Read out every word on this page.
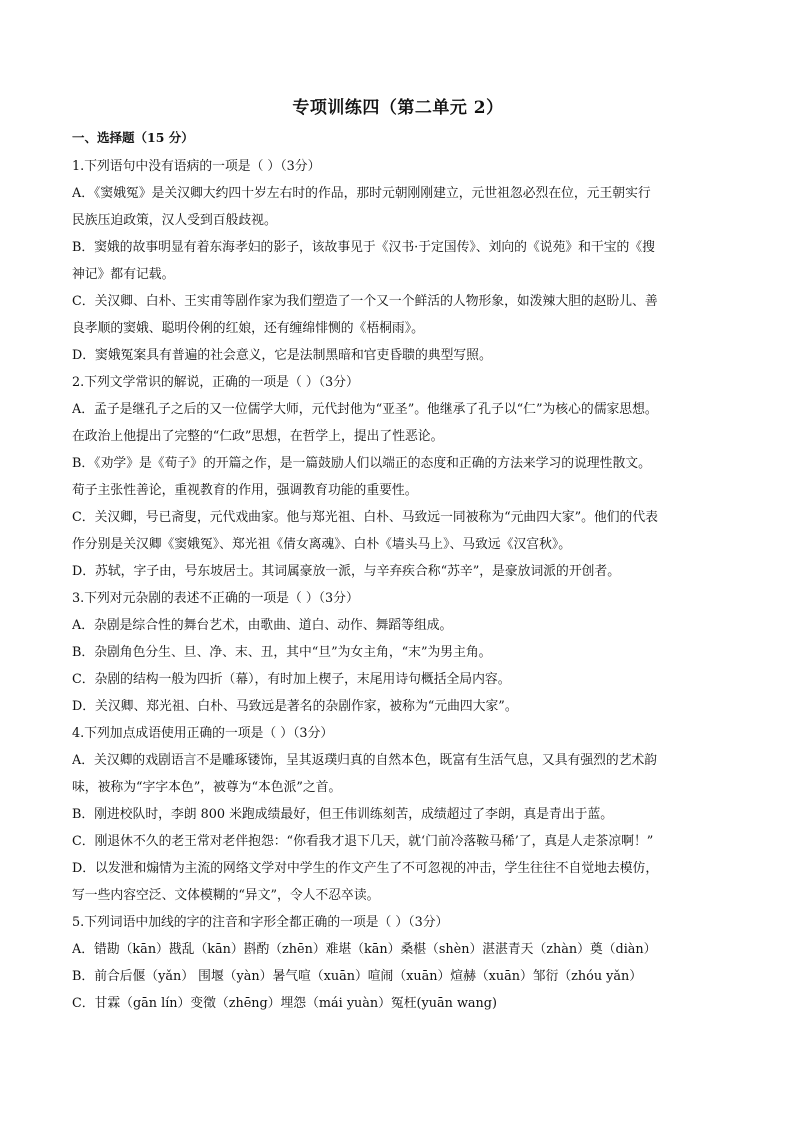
专项训练四（第二单元 2）
一、选择题（15 分）

1.下列语句中没有语病的一项是（ ）（3分）

A．《窦娥冤》是关汉卿大约四十岁左右时的作品，那时元朝刚刚建立，元世祖忽必烈在位，元王朝实行

民族压迫政策，汉人受到百般歧视。

B．窦娥的故事明显有着东海孝妇的影子，该故事见于《汉书·于定国传》、刘向的《说苑》和干宝的《搜

神记》都有记载。

C．关汉卿、白朴、王实甫等剧作家为我们塑造了一个又一个鲜活的人物形象，如泼辣大胆的赵盼儿、善

良孝顺的窦娥、聪明伶俐的红娘，还有缠绵悱恻的《梧桐雨》。

D．窦娥冤案具有普遍的社会意义，它是法制黑暗和官吏昏聩的典型写照。

2.下列文学常识的解说，正确的一项是（ ）（3分）

A．孟子是继孔子之后的又一位儒学大师，元代封他为“亚圣”。他继承了孔子以“仁”为核心的儒家思想。

在政治上他提出了完整的“仁政”思想，在哲学上，提出了性恶论。

B．《劝学》是《荀子》的开篇之作，是一篇鼓励人们以端正的态度和正确的方法来学习的说理性散文。

荀子主张性善论，重视教育的作用，强调教育功能的重要性。

C．关汉卿，号已斋叟，元代戏曲家。他与郑光祖、白朴、马致远一同被称为“元曲四大家”。他们的代表

作分别是关汉卿《窦娥冤》、郑光祖《倩女离魂》、白朴《墙头马上》、马致远《汉宫秋》。

D．苏轼，字子由，号东坡居士。其词属豪放一派，与辛弃疾合称“苏辛”，是豪放词派的开创者。

3.下列对元杂剧的表述不正确的一项是（ ）（3分）

A．杂剧是综合性的舞台艺术，由歌曲、道白、动作、舞蹈等组成。

B．杂剧角色分生、旦、净、末、丑，其中“旦”为女主角，“末”为男主角。

C．杂剧的结构一般为四折（幕），有时加上楔子，末尾用诗句概括全局内容。

D．关汉卿、郑光祖、白朴、马致远是著名的杂剧作家，被称为“元曲四大家”。

4.下列加点成语使用正确的一项是（ ）（3分）

A．关汉卿的戏剧语言不是雕琢镂饰，呈其返璞归真的自然本色，既富有生活气息，又具有强烈的艺术韵

味，被称为“字字本色”，被尊为“本色派”之首。

B．刚进校队时，李朗 800 米跑成绩最好，但王伟训练刻苦，成绩超过了李朗，真是青出于蓝。

C．刚退休不久的老王常对老伴抱怨：“你看我才退下几天，就‘门前冷落鞍马稀’了，真是人走茶凉啊！”

D．以发泄和煽情为主流的网络文学对中学生的作文产生了不可忽视的冲击，学生往往不自觉地去模仿，

写一些内容空泛、文体模糊的“异文”，令人不忍卒读。

5.下列词语中加线的字的注音和字形全都正确的一项是（ ）（3分）

A．错勘（kān）戡乱（kān）斟酌（zhēn）难堪（kān）桑椹（shèn）湛湛青天（zhàn）奠（diàn）

B．前合后偃（yǎn） 围堰（yàn）暑气喧（xuān）喧闹（xuān）煊赫（xuān）邹衍（zhóu yǎn）

C．甘霖（gān lín）变徵（zhēng）埋怨（mái yuàn）冤枉(yuān wang)
